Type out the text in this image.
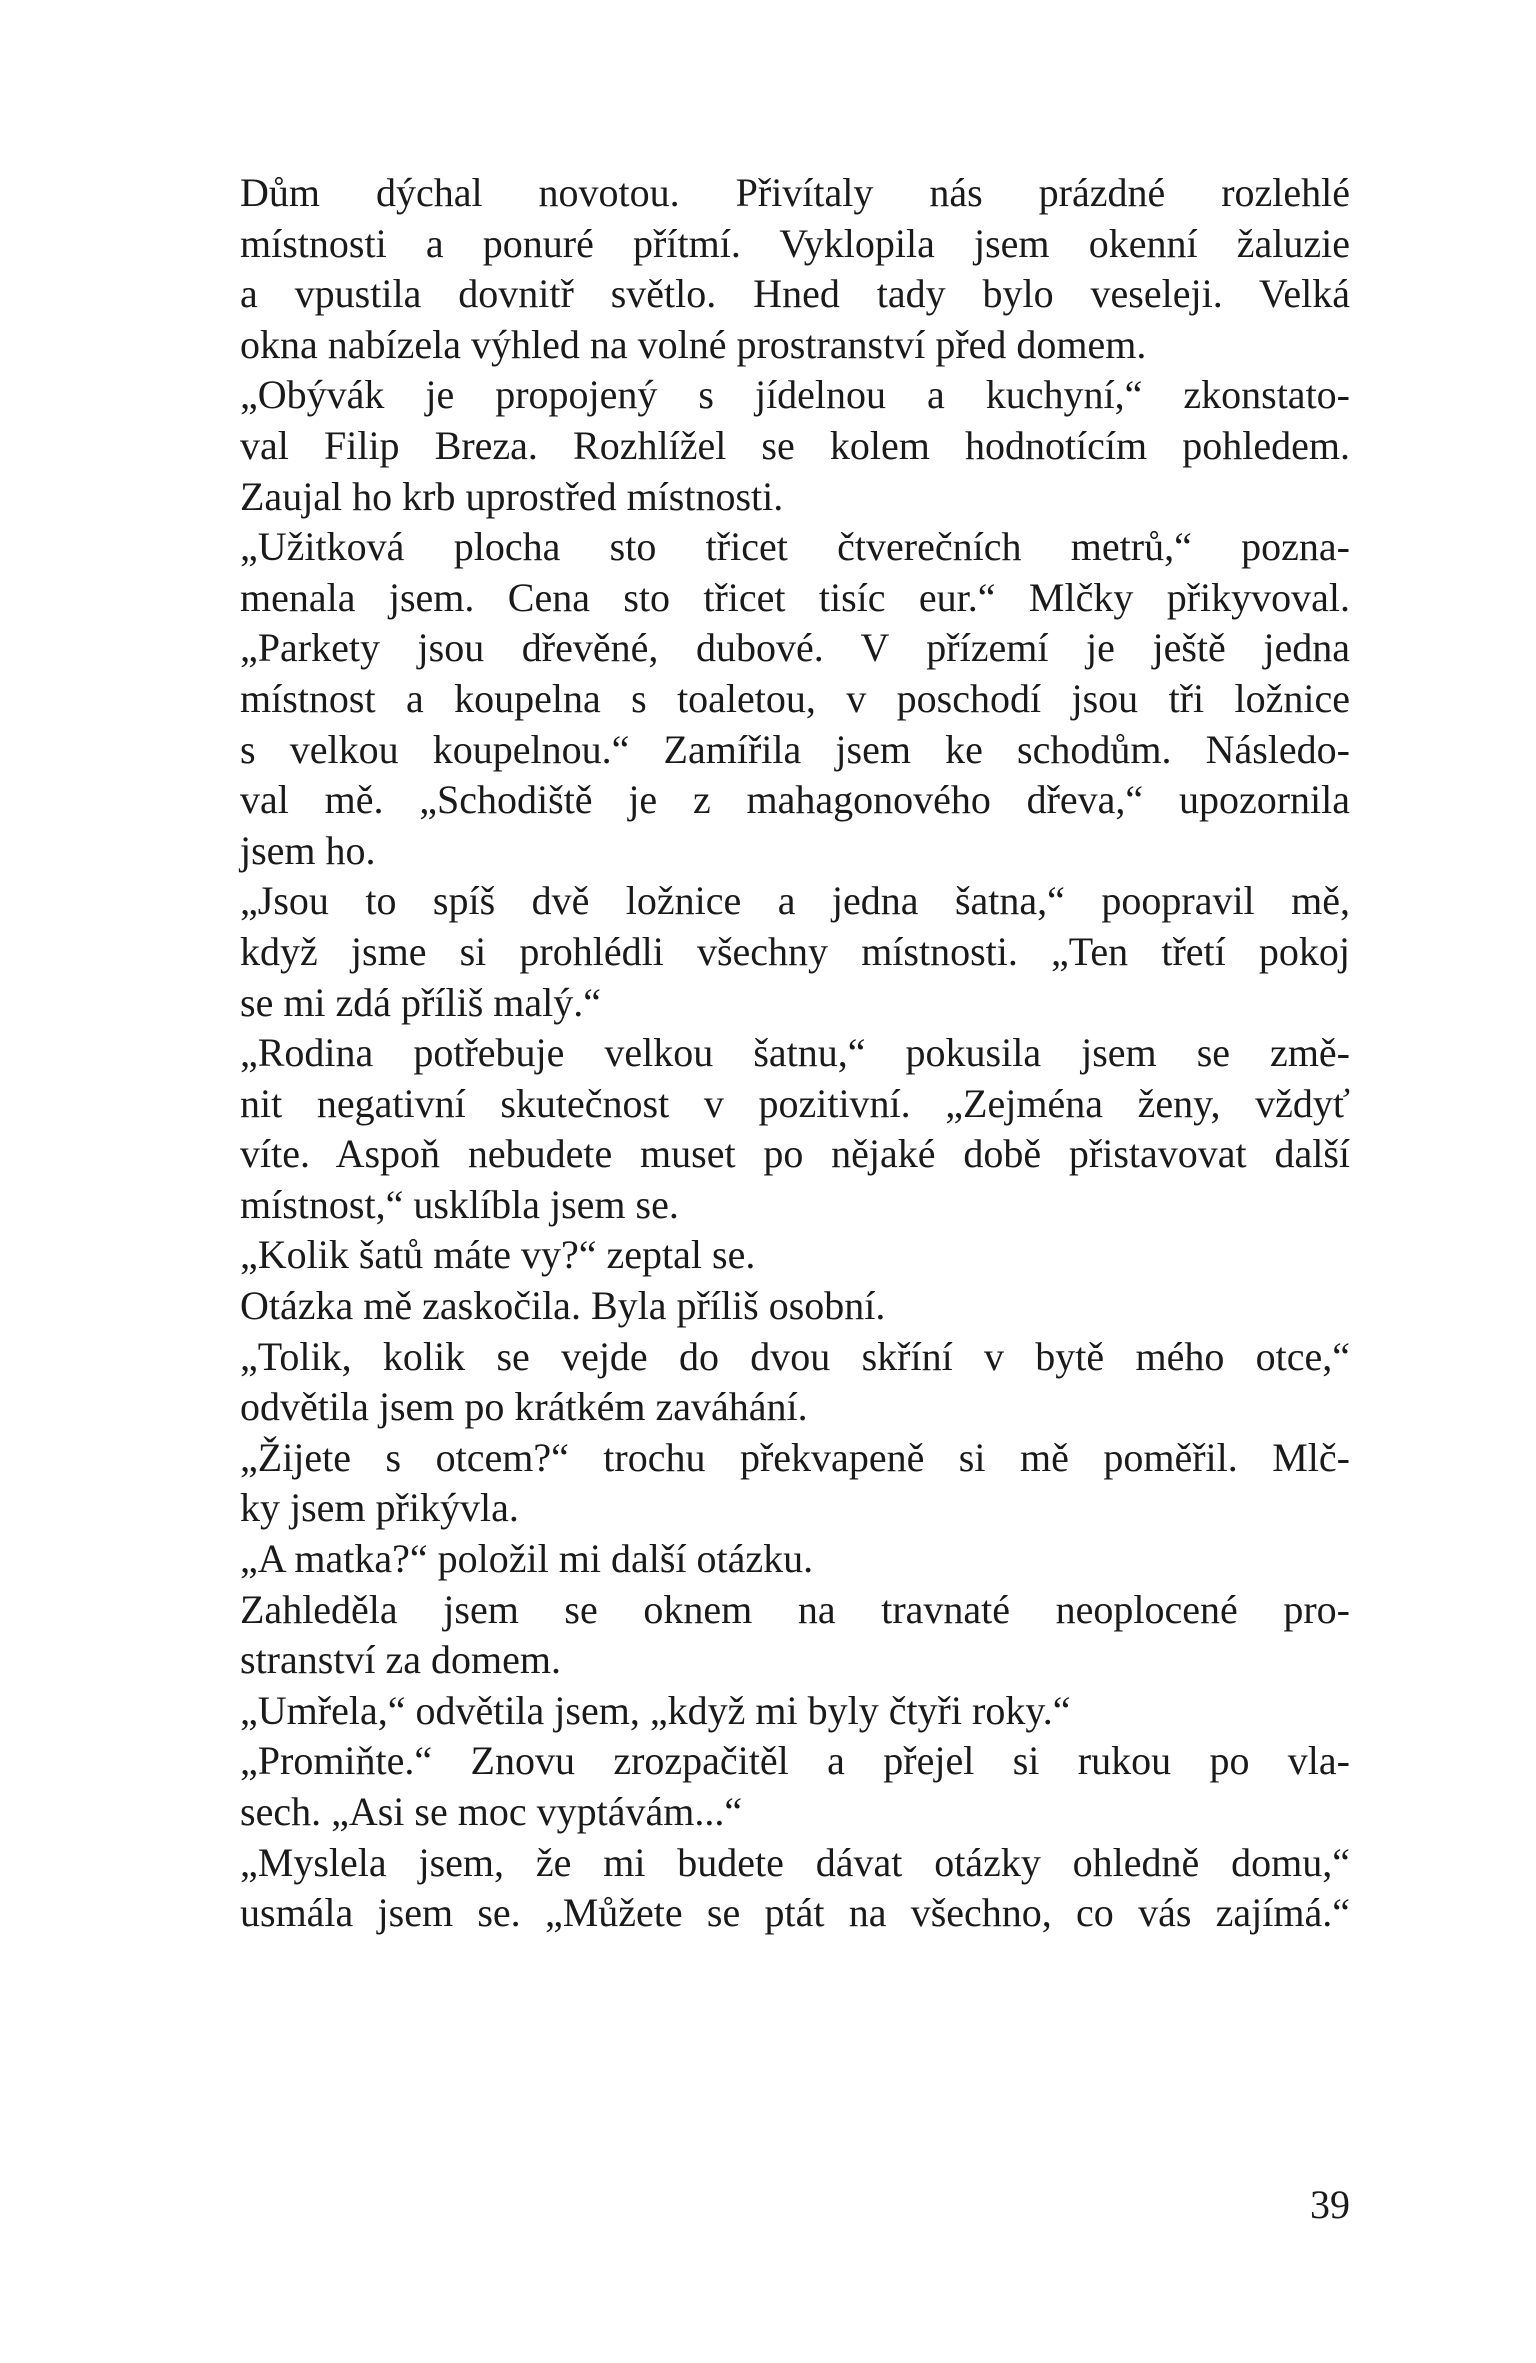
Dům dýchal novotou. Přivítaly nás prázdné rozlehlé
místnosti a ponuré přítmí. Vyklopila jsem okenní žaluzie
a vpustila dovnitř světlo. Hned tady bylo veseleji. Velká
okna nabízela výhled na volné prostranství před domem.
„Obývák je propojený s jídelnou a kuchyní,“ zkonstato-
val Filip Breza. Rozhlížel se kolem hodnotícím pohledem.
Zaujal ho krb uprostřed místnosti.
„Užitková plocha sto třicet čtverečních metrů,“ pozna-
menala jsem. Cena sto třicet tisíc eur.“ Mlčky přikyvoval.
„Parkety jsou dřevěné, dubové. V přízemí je ještě jedna
místnost a koupelna s toaletou, v poschodí jsou tři ložnice
s velkou koupelnou.“ Zamířila jsem ke schodům. Následo-
val mě. „Schodiště je z mahagonového dřeva,“ upozornila
jsem ho.
„Jsou to spíš dvě ložnice a jedna šatna,“ poopravil mě,
když jsme si prohlédli všechny místnosti. „Ten třetí pokoj
se mi zdá příliš malý.“
„Rodina potřebuje velkou šatnu,“ pokusila jsem se změ-
nit negativní skutečnost v pozitivní. „Zejména ženy, vždyť
víte. Aspoň nebudete muset po nějaké době přistavovat další
místnost,“ usklíbla jsem se.
„Kolik šatů máte vy?“ zeptal se.
Otázka mě zaskočila. Byla příliš osobní.
„Tolik, kolik se vejde do dvou skříní v bytě mého otce,“
odvětila jsem po krátkém zaváhání.
„Žijete s otcem?“ trochu překvapeně si mě poměřil. Mlč-
ky jsem přikývla.
„A matka?“ položil mi další otázku.
Zahleděla jsem se oknem na travnaté neoplocené pro-
stranství za domem.
„Umřela,“ odvětila jsem, „když mi byly čtyři roky.“
„Promiňte.“ Znovu zrozpačitěl a přejel si rukou po vla-
sech. „Asi se moc vyptávám...“
„Myslela jsem, že mi budete dávat otázky ohledně domu,“
usmála jsem se. „Můžete se ptát na všechno, co vás zajímá.“
39
